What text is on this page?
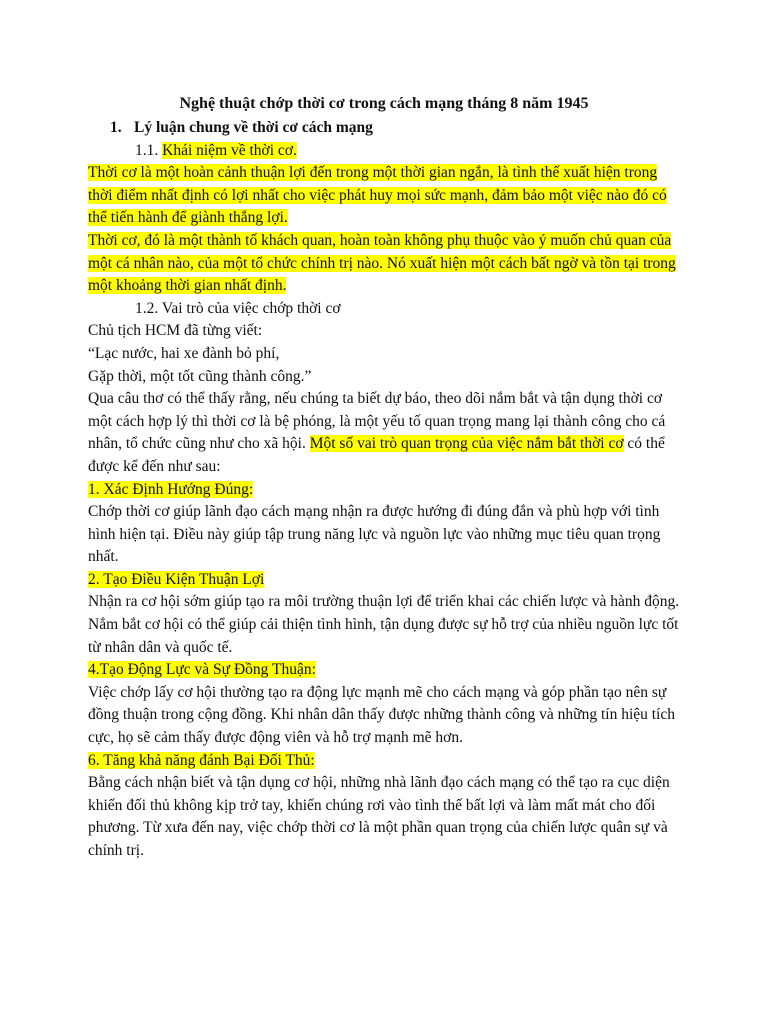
Nghệ thuật chớp thời cơ trong cách mạng tháng 8 năm 1945
1. Lý luận chung về thời cơ cách mạng
1.1. Khái niệm về thời cơ.

Thời cơ là một hoàn cảnh thuận lợi đến trong một thời gian ngắn, là tình thế xuất hiện trong thời điểm nhất định có lợi nhất cho việc phát huy mọi sức mạnh, đảm bảo một việc nào đó có thể tiến hành để giành thắng lợi.

Thời cơ, đó là một thành tố khách quan, hoàn toàn không phụ thuộc vào ý muốn chủ quan của một cá nhân nào, của một tổ chức chính trị nào. Nó xuất hiện một cách bất ngờ và tồn tại trong một khoảng thời gian nhất định.

1.2. Vai trò của việc chớp thời cơ

Chủ tịch HCM đã từng viết:

“Lạc nước, hai xe đành bỏ phí,

Gặp thời, một tốt cũng thành công.”

Qua câu thơ có thể thấy rằng, nếu chúng ta biết dự báo, theo dõi nắm bắt và tận dụng thời cơ một cách hợp lý thì thời cơ là bệ phóng, là một yếu tố quan trọng mang lại thành công cho cá nhân, tổ chức cũng như cho xã hội. Một số vai trò quan trọng của việc nắm bắt thời cơ có thể được kể đến như sau:

1. Xác Định Hướng Đúng:

Chớp thời cơ giúp lãnh đạo cách mạng nhận ra được hướng đi đúng đắn và phù hợp với tình hình hiện tại. Điều này giúp tập trung năng lực và nguồn lực vào những mục tiêu quan trọng nhất.

2. Tạo Điều Kiện Thuận Lợi

Nhận ra cơ hội sớm giúp tạo ra môi trường thuận lợi để triển khai các chiến lược và hành động. Nắm bắt cơ hội có thể giúp cải thiện tình hình, tận dụng được sự hỗ trợ của nhiều nguồn lực tốt từ nhân dân và quốc tế.

4.Tạo Động Lực và Sự Đồng Thuận:

Việc chớp lấy cơ hội thường tạo ra động lực mạnh mẽ cho cách mạng và góp phần tạo nên sự đồng thuận trong cộng đồng. Khi nhân dân thấy được những thành công và những tín hiệu tích cực, họ sẽ cảm thấy được động viên và hỗ trợ mạnh mẽ hơn.

6. Tăng khả năng đánh Bại Đối Thủ:

Bằng cách nhận biết và tận dụng cơ hội, những nhà lãnh đạo cách mạng có thể tạo ra cục diện khiến đối thủ không kịp trở tay, khiến chúng rơi vào tình thế bất lợi và làm mất mát cho đối phương. Từ xưa đến nay, việc chớp thời cơ là một phần quan trọng của chiến lược quân sự và chính trị.
